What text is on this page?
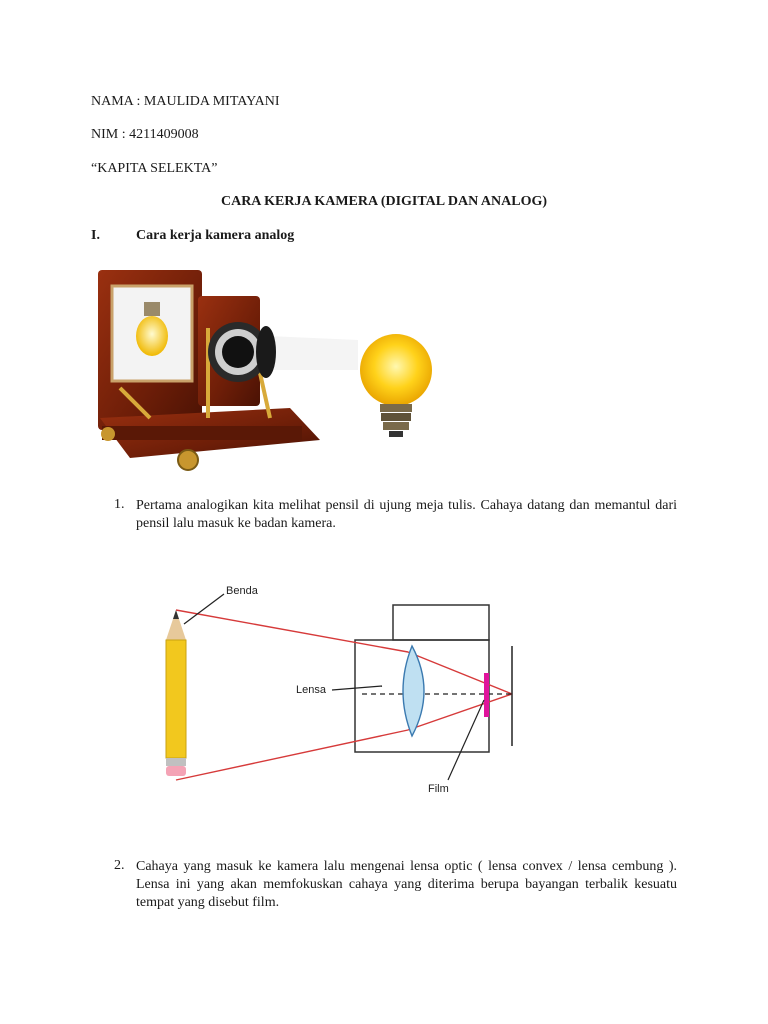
NAMA : MAULIDA MITAYANI
NIM : 4211409008
“KAPITA SELEKTA”
CARA KERJA KAMERA (DIGITAL DAN ANALOG)
I.	Cara kerja kamera analog
1. Pertama analogikan kita melihat pensil di ujung meja tulis. Cahaya datang dan memantul dari pensil lalu masuk ke badan kamera.
Benda
Lensa
Film
2. Cahaya yang masuk ke kamera lalu mengenai lensa optic ( lensa convex / lensa cembung ). Lensa ini yang akan memfokuskan cahaya yang diterima berupa bayangan terbalik kesuatu tempat yang disebut film.
